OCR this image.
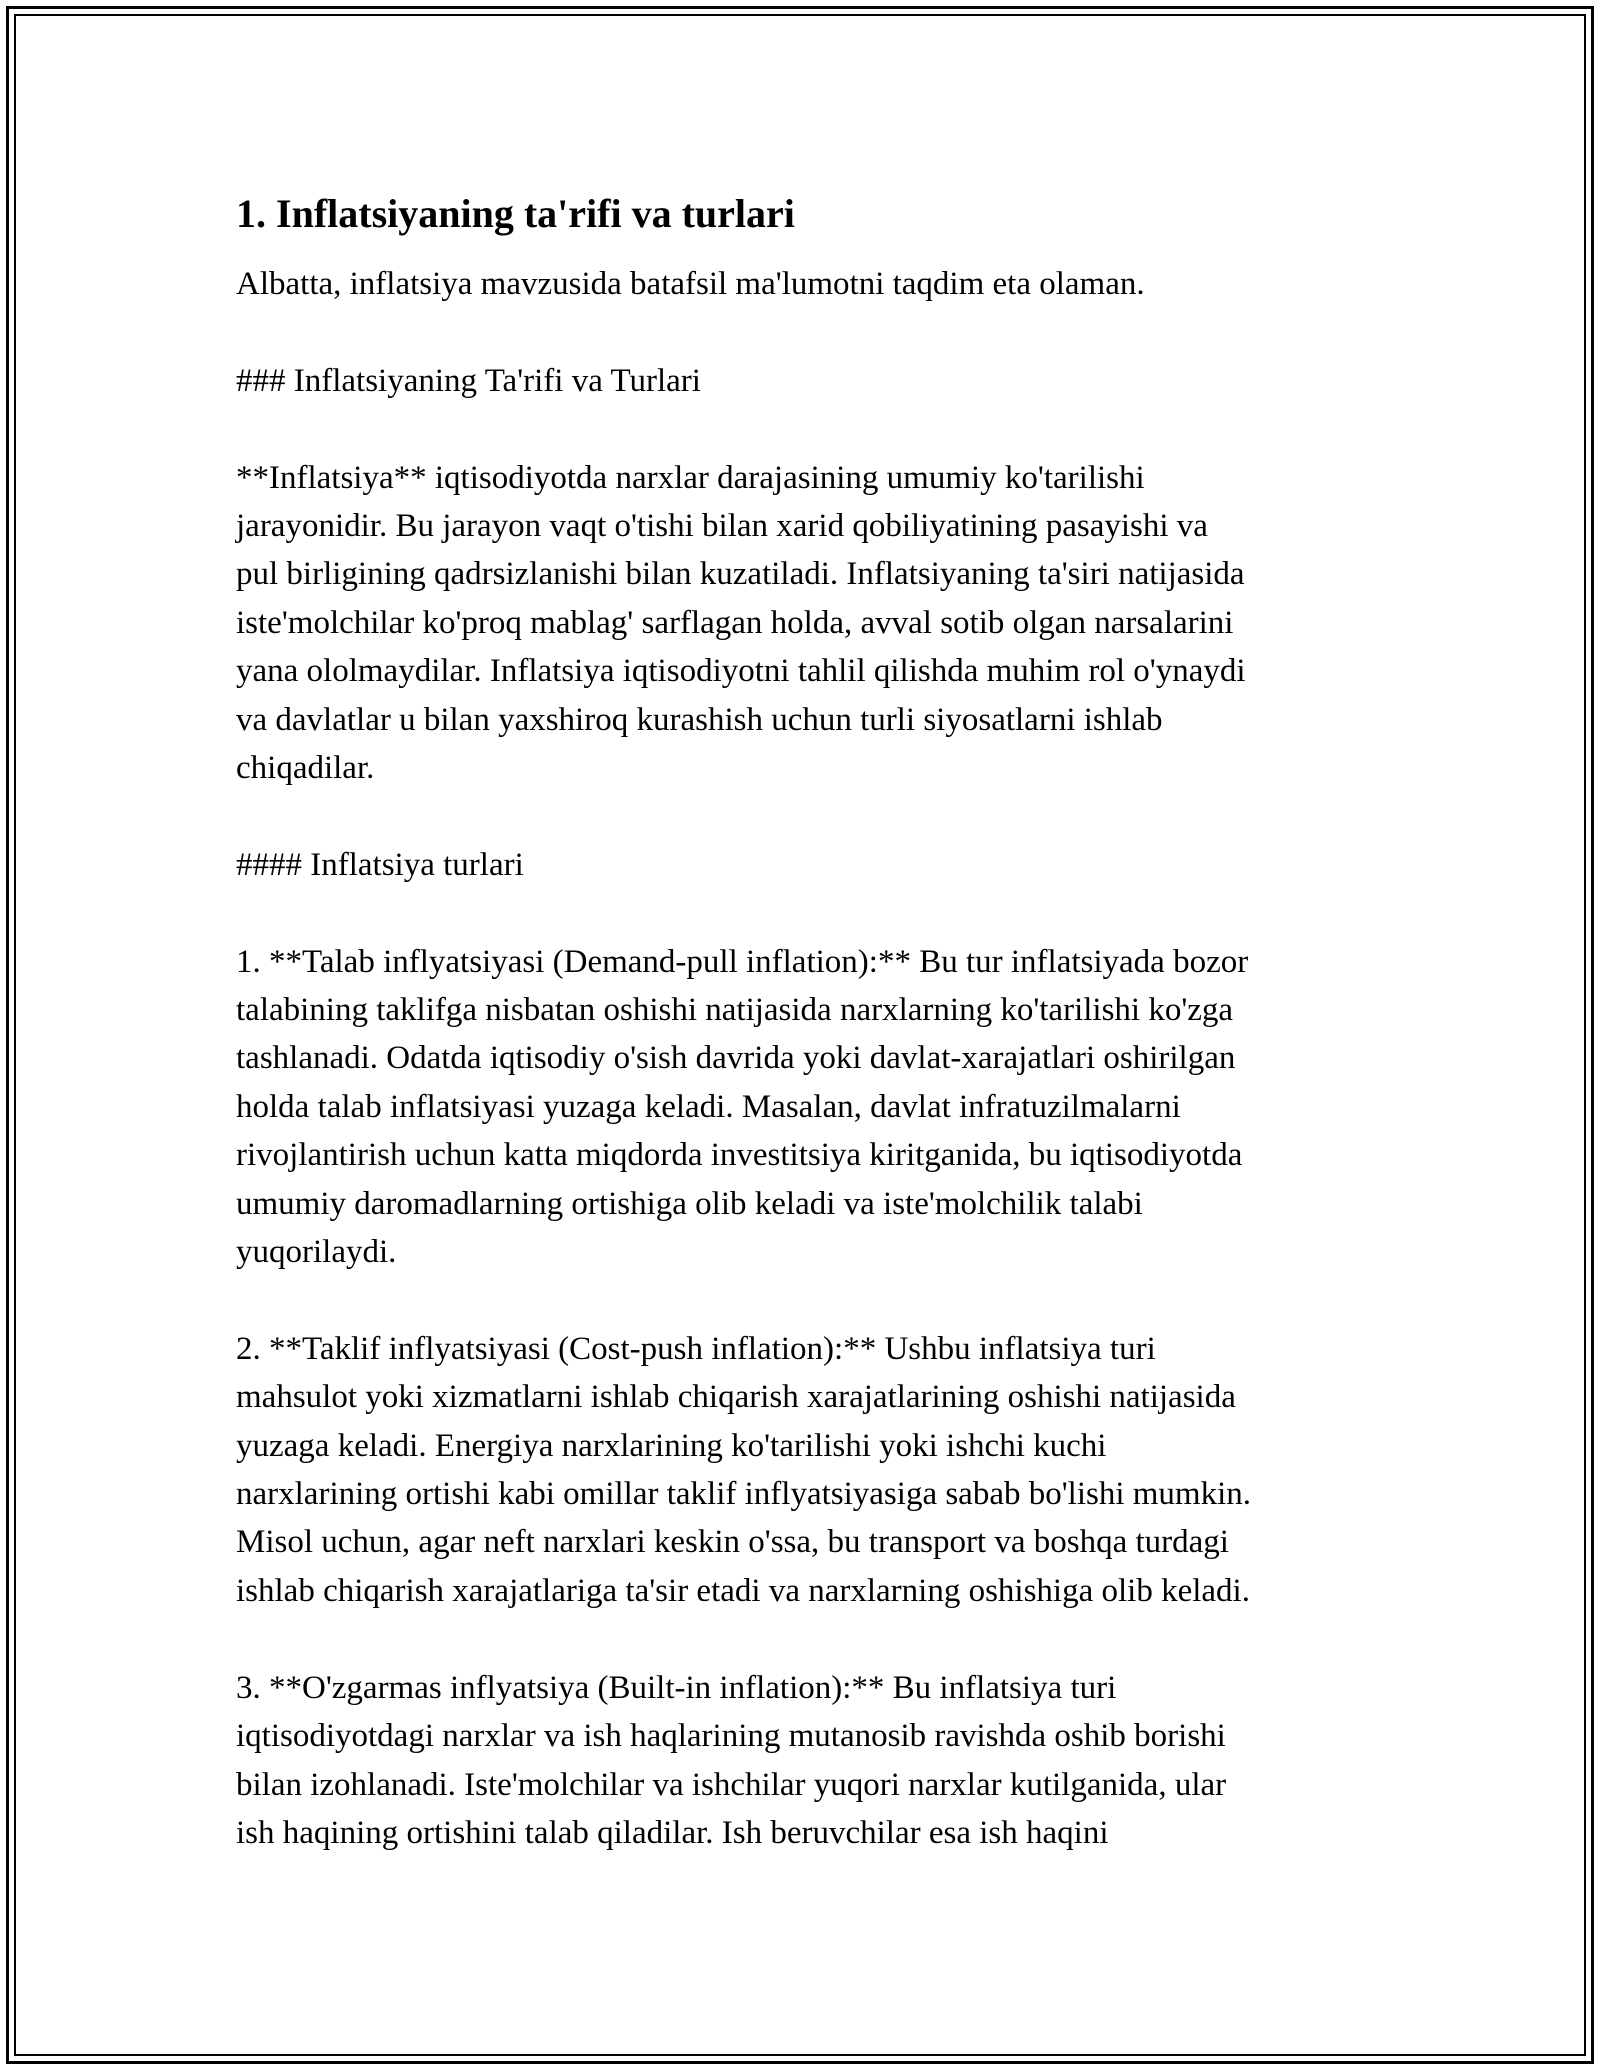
1. Inflatsiyaning ta'rifi va turlari
Albatta, inflatsiya mavzusida batafsil ma'lumotni taqdim eta olaman.
### Inflatsiyaning Ta'rifi va Turlari
**Inflatsiya** iqtisodiyotda narxlar darajasining umumiy ko'tarilishi
jarayonidir. Bu jarayon vaqt o'tishi bilan xarid qobiliyatining pasayishi va
pul birligining qadrsizlanishi bilan kuzatiladi. Inflatsiyaning ta'siri natijasida
iste'molchilar ko'proq mablag' sarflagan holda, avval sotib olgan narsalarini
yana ololmaydilar. Inflatsiya iqtisodiyotni tahlil qilishda muhim rol o'ynaydi
va davlatlar u bilan yaxshiroq kurashish uchun turli siyosatlarni ishlab
chiqadilar.
#### Inflatsiya turlari
1. **Talab inflyatsiyasi (Demand-pull inflation):** Bu tur inflatsiyada bozor
talabining taklifga nisbatan oshishi natijasida narxlarning ko'tarilishi ko'zga
tashlanadi. Odatda iqtisodiy o'sish davrida yoki davlat-xarajatlari oshirilgan
holda talab inflatsiyasi yuzaga keladi. Masalan, davlat infratuzilmalarni
rivojlantirish uchun katta miqdorda investitsiya kiritganida, bu iqtisodiyotda
umumiy daromadlarning ortishiga olib keladi va iste'molchilik talabi
yuqorilaydi.
2. **Taklif inflyatsiyasi (Cost-push inflation):** Ushbu inflatsiya turi
mahsulot yoki xizmatlarni ishlab chiqarish xarajatlarining oshishi natijasida
yuzaga keladi. Energiya narxlarining ko'tarilishi yoki ishchi kuchi
narxlarining ortishi kabi omillar taklif inflyatsiyasiga sabab bo'lishi mumkin.
Misol uchun, agar neft narxlari keskin o'ssa, bu transport va boshqa turdagi
ishlab chiqarish xarajatlariga ta'sir etadi va narxlarning oshishiga olib keladi.
3. **O'zgarmas inflyatsiya (Built-in inflation):** Bu inflatsiya turi
iqtisodiyotdagi narxlar va ish haqlarining mutanosib ravishda oshib borishi
bilan izohlanadi. Iste'molchilar va ishchilar yuqori narxlar kutilganida, ular
ish haqining ortishini talab qiladilar. Ish beruvchilar esa ish haqini
